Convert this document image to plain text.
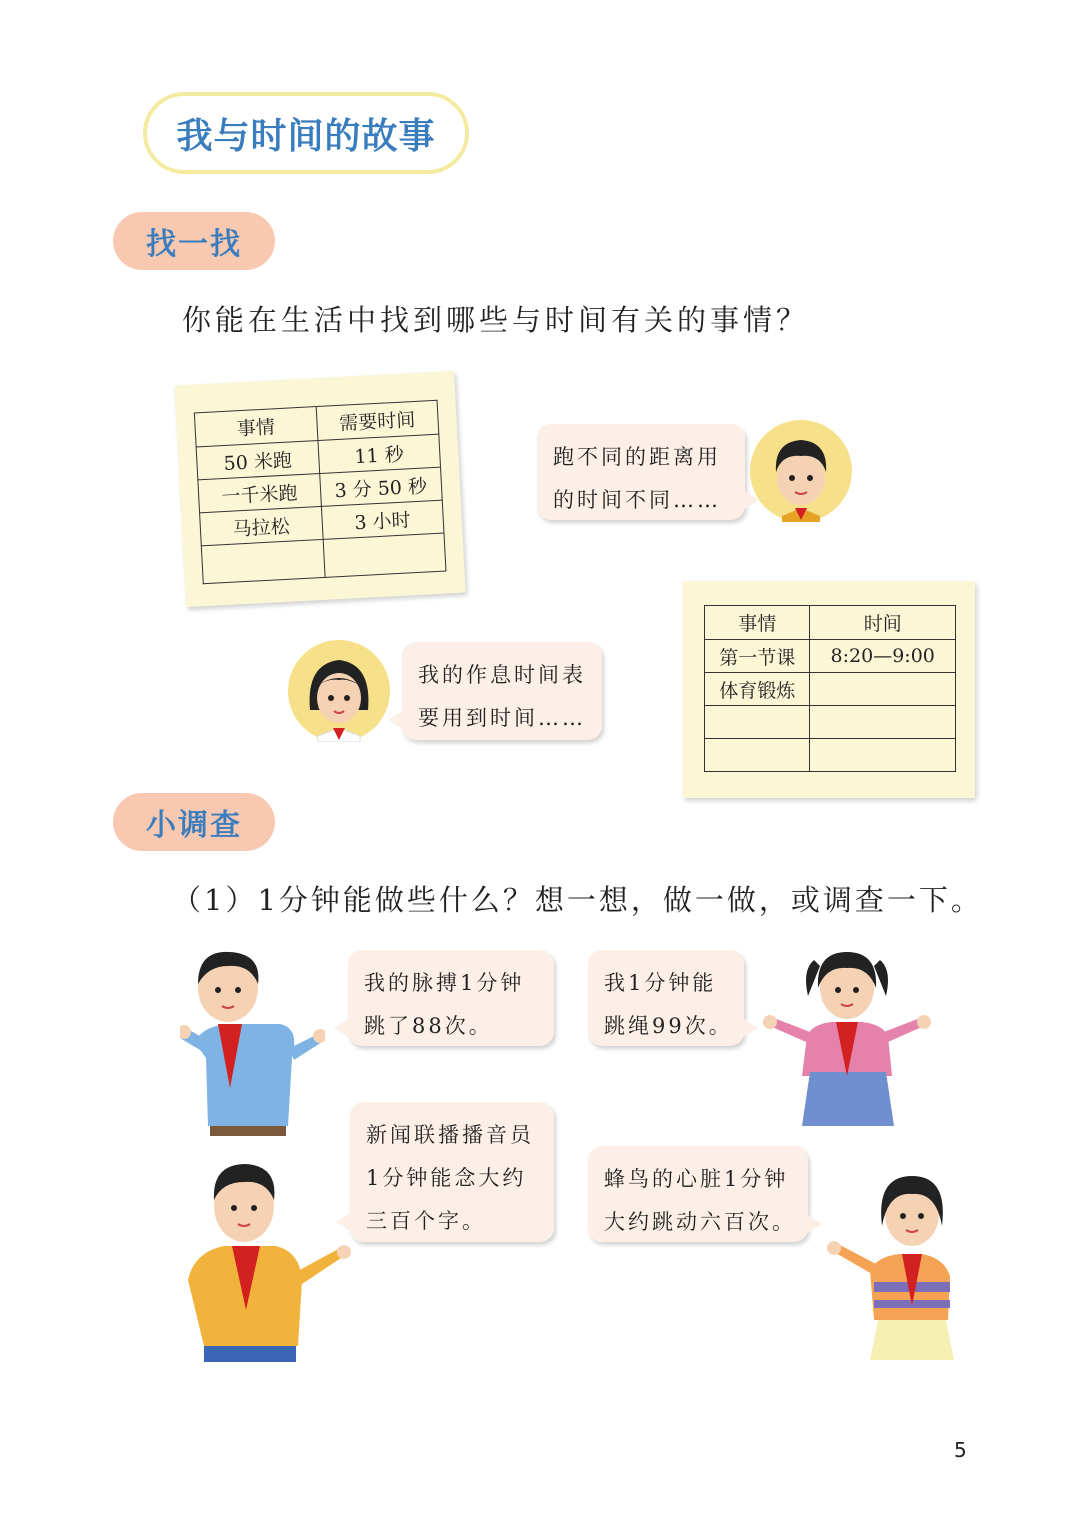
我与时间的故事
找一找
你能在生活中找到哪些与时间有关的事情？
事情	需要时间
50 米跑	11 秒
一千米跑	3 分 50 秒
马拉松	3 小时

跑不同的距离用

的时间不同……

我的作息时间表

要用到时间……

事情	时间
第一节课	8:20—9:00
体育锻炼	

小调查
（1）1分钟能做些什么？想一想，做一做，或调查一下。

我的脉搏1分钟

跳了88次。

我1分钟能

跳绳99次。

新闻联播播音员

1分钟能念大约

三百个字。

蜂鸟的心脏1分钟

大约跳动六百次。

5
